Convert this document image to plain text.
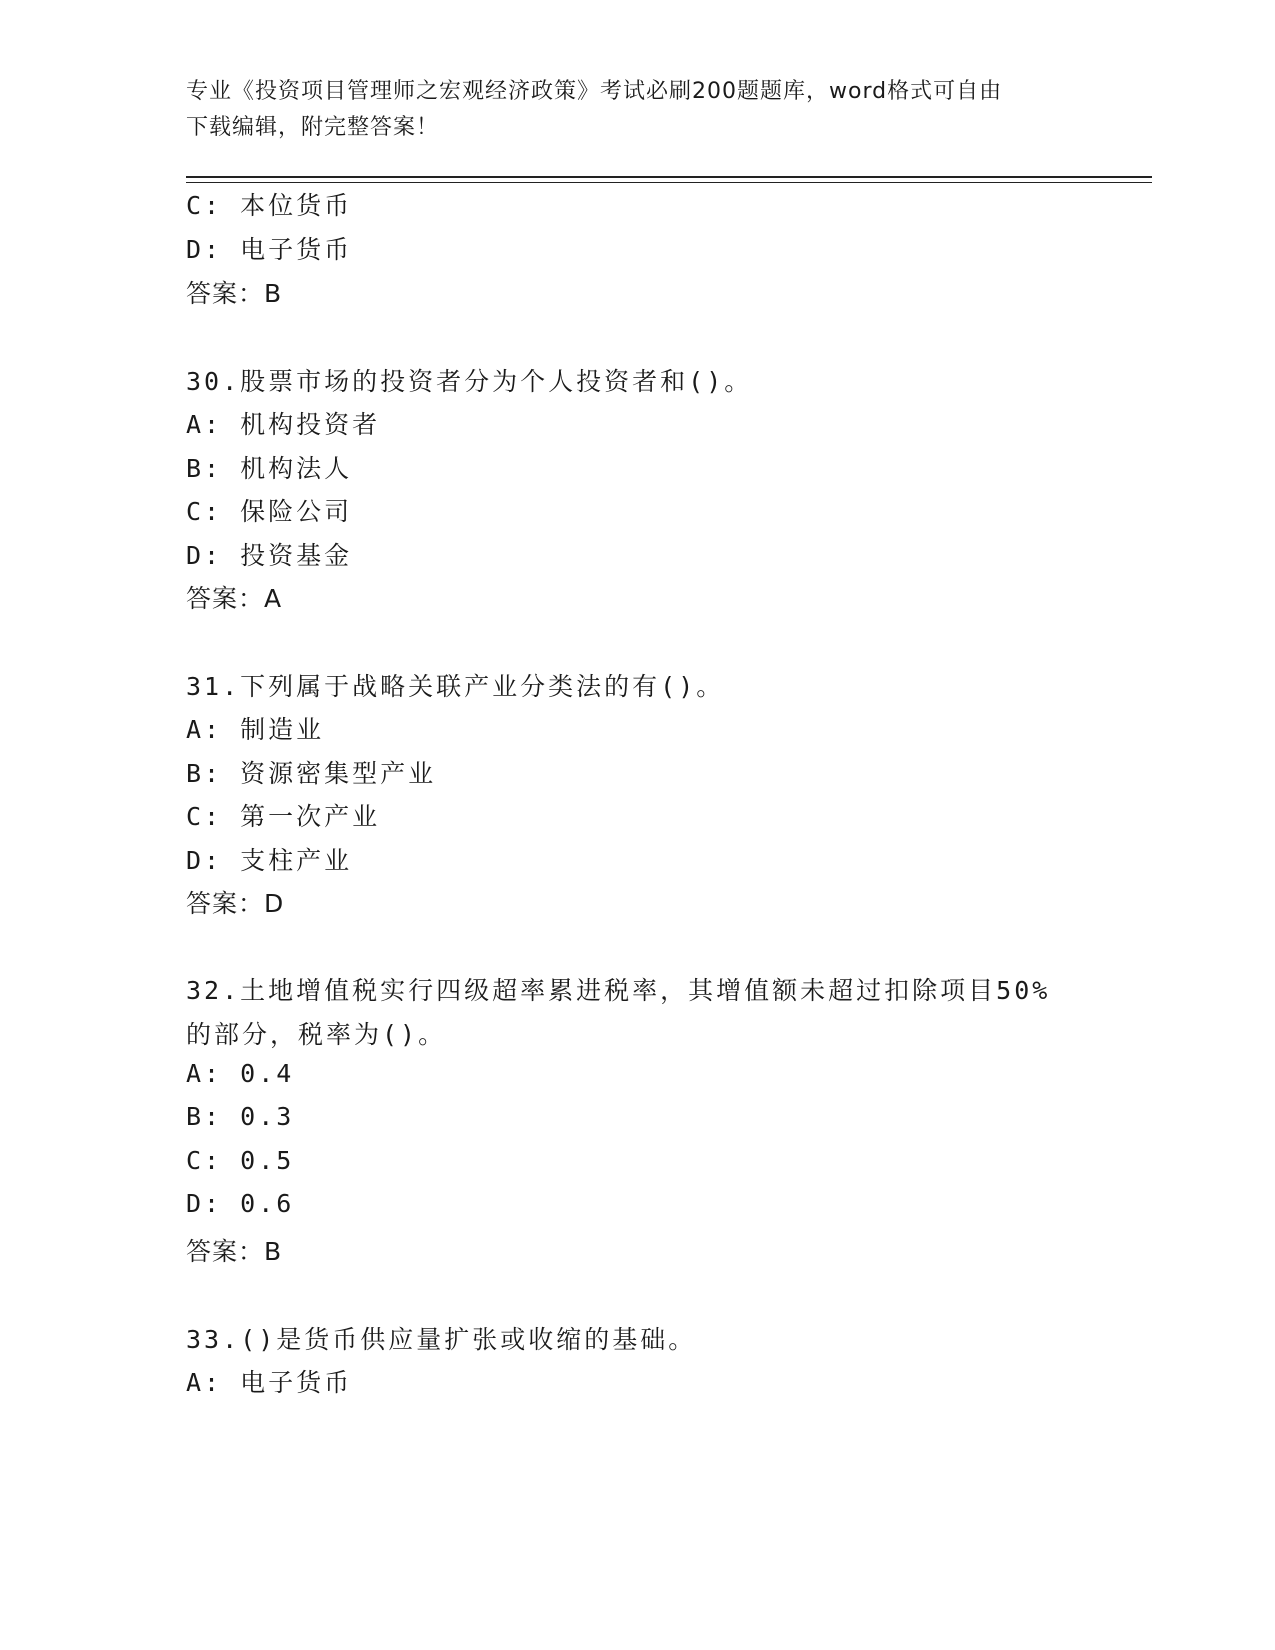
专业《投资项目管理师之宏观经济政策》考试必刷200题题库，word格式可自由
下载编辑，附完整答案！
C: 本位货币
D: 电子货币
答案：B
30.股票市场的投资者分为个人投资者和()。
A: 机构投资者
B: 机构法人
C: 保险公司
D: 投资基金
答案：A
31.下列属于战略关联产业分类法的有()。
A: 制造业
B: 资源密集型产业
C: 第一次产业
D: 支柱产业
答案：D
32.土地增值税实行四级超率累进税率，其增值额未超过扣除项目50%
的部分，税率为()。
A: 0.4
B: 0.3
C: 0.5
D: 0.6
答案：B
33.()是货币供应量扩张或收缩的基础。
A: 电子货币
